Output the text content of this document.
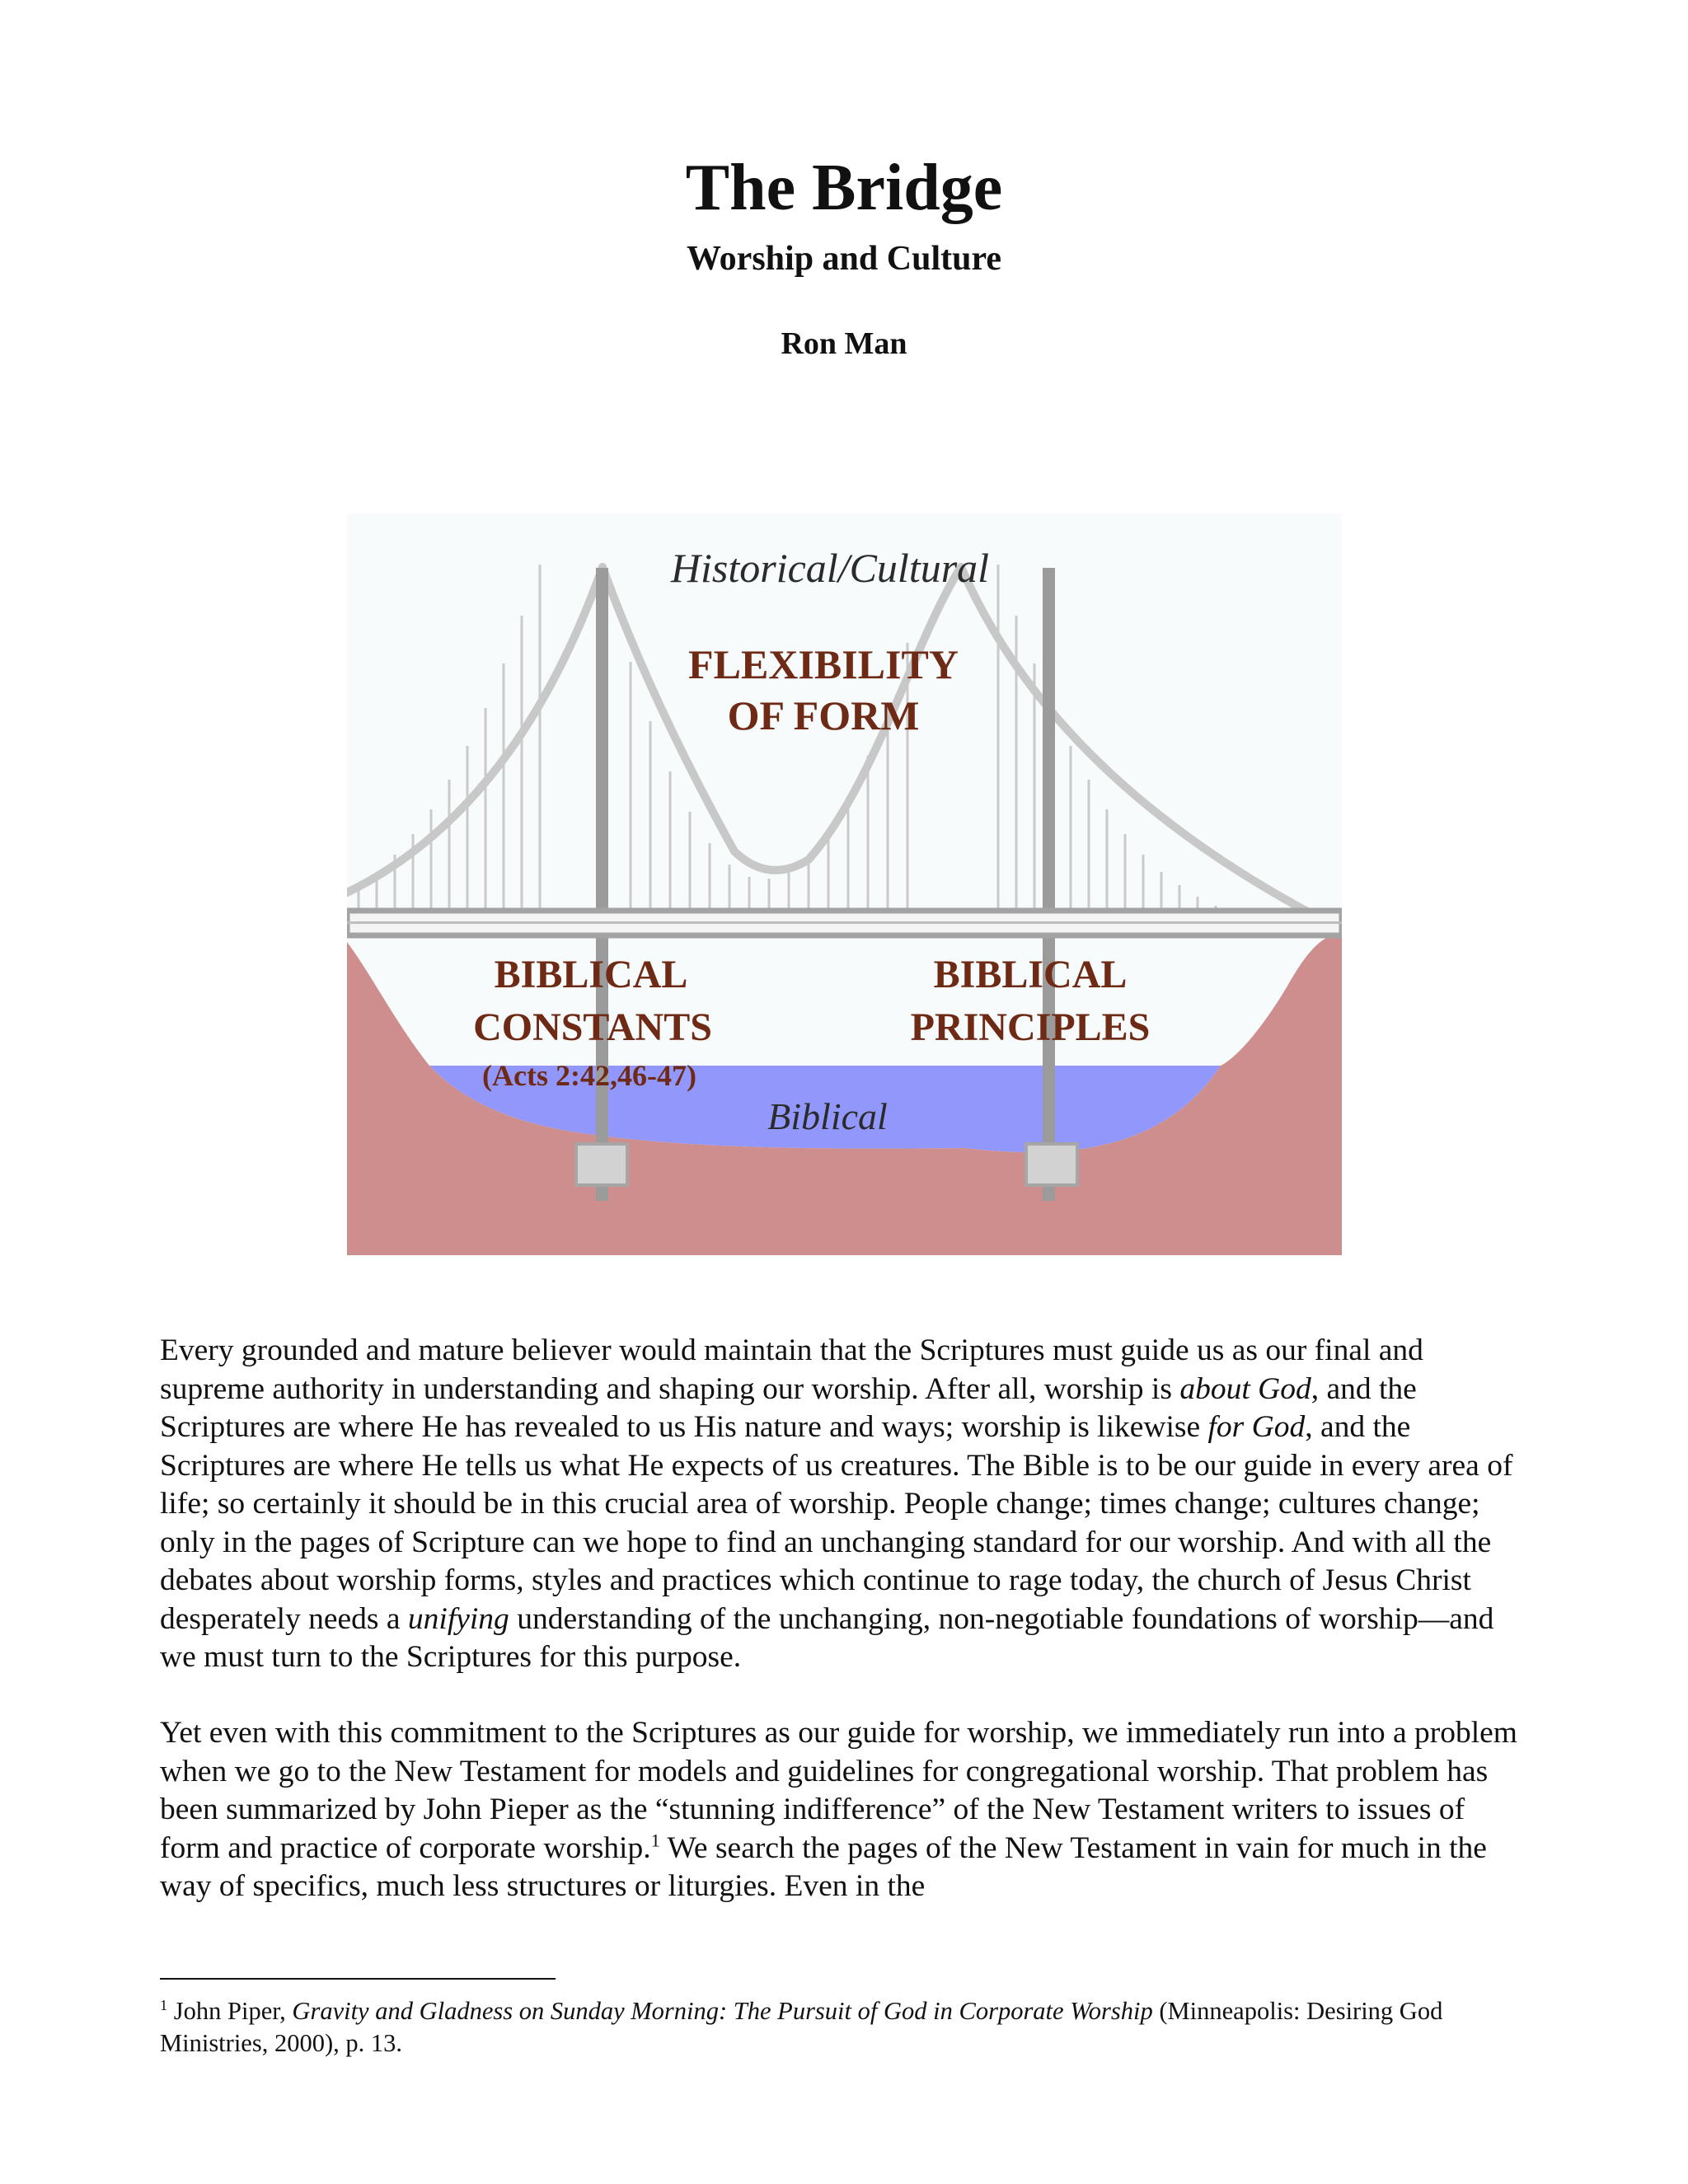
The Bridge
Worship and Culture
Ron Man
Historical/Cultural
FLEXIBILITY
OF FORM
BIBLICAL
CONSTANTS
(Acts 2:42,46-47)
BIBLICAL
PRINCIPLES
Biblical

Every grounded and mature believer would maintain that the Scriptures must guide us as our final and supreme authority in understanding and shaping our worship. After all, worship is about God, and the Scriptures are where He has revealed to us His nature and ways; worship is likewise for God, and the Scriptures are where He tells us what He expects of us creatures. The Bible is to be our guide in every area of life; so certainly it should be in this crucial area of worship. People change; times change; cultures change; only in the pages of Scripture can we hope to find an unchanging standard for our worship. And with all the debates about worship forms, styles and practices which continue to rage today, the church of Jesus Christ desperately needs a unifying understanding of the unchanging, non-negotiable foundations of worship—and we must turn to the Scriptures for this purpose.

Yet even with this commitment to the Scriptures as our guide for worship, we immediately run into a problem when we go to the New Testament for models and guidelines for congregational worship. That problem has been summarized by John Pieper as the “stunning indifference” of the New Testament writers to issues of form and practice of corporate worship.$^1$ We search the pages of the New Testament in vain for much in the way of specifics, much less structures or liturgies. Even in the

$^1$ John Piper, Gravity and Gladness on Sunday Morning: The Pursuit of God in Corporate Worship (Minneapolis: Desiring God Ministries, 2000), p. 13.
